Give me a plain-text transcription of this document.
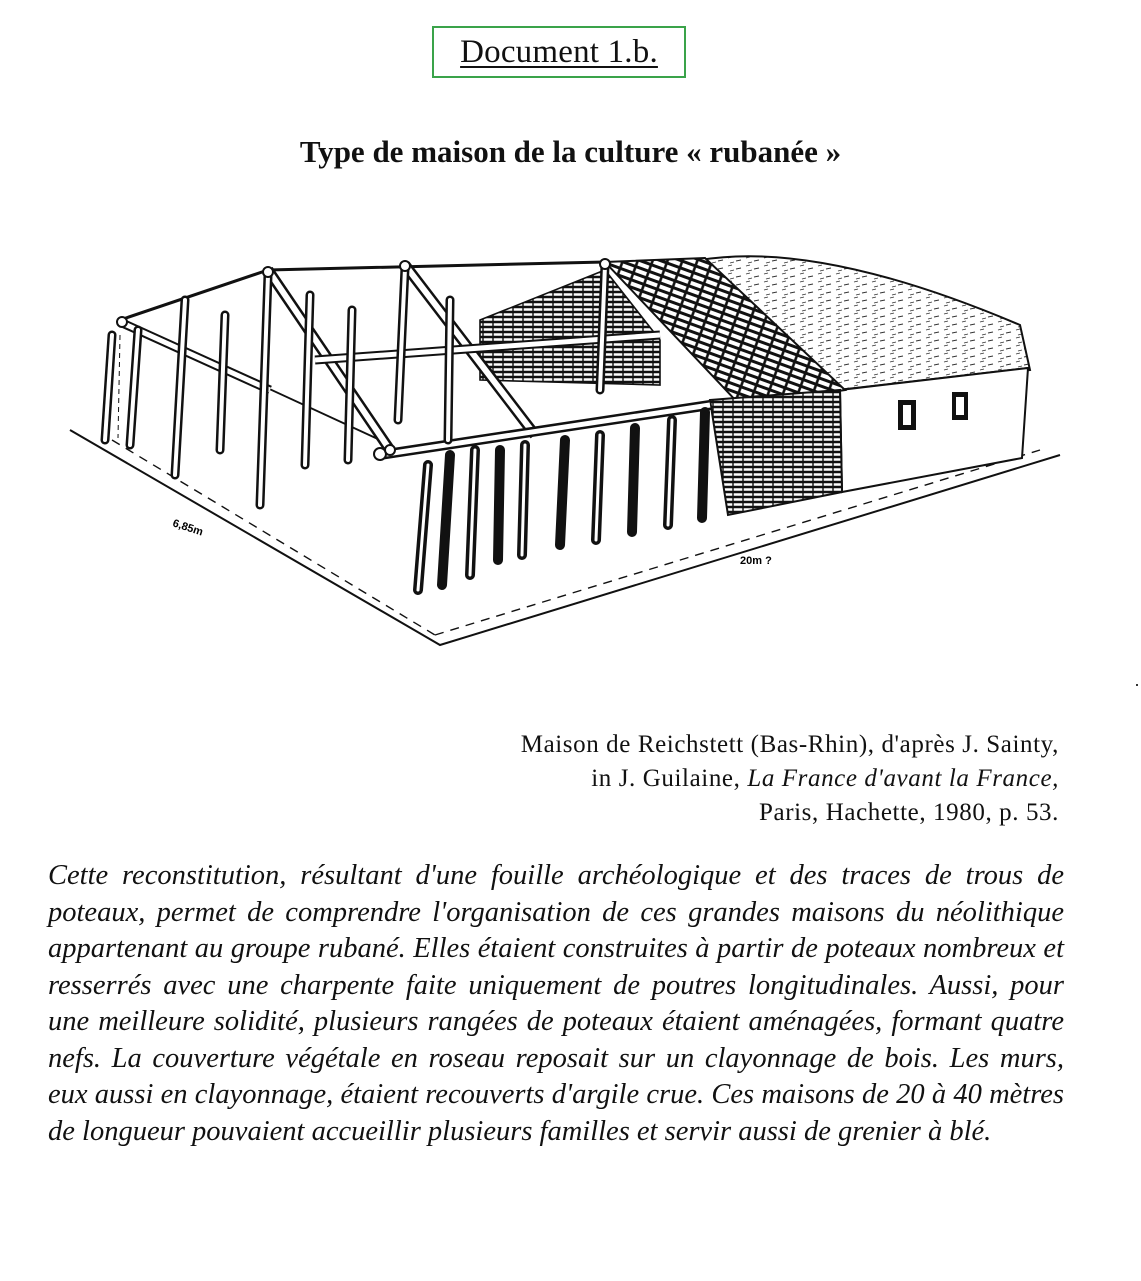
Document 1.b.
Type de maison de la culture « rubanée »
6,85m
20m ?
Maison de Reichstett (Bas-Rhin), d'après J. Sainty,
in J. Guilaine, La France d'avant la France,
Paris, Hachette, 1980, p. 53.

Cette reconstitution, résultant d'une fouille archéologique et des traces de trous de poteaux, permet de comprendre l'organisation de ces grandes maisons du néolithique appartenant au groupe rubané. Elles étaient construites à partir de poteaux nombreux et resserrés avec une charpente faite uniquement de poutres longitudinales. Aussi, pour une meilleure solidité, plusieurs rangées de poteaux étaient aménagées, formant quatre nefs. La couverture végétale en roseau reposait sur un clayonnage de bois. Les murs, eux aussi en clayonnage, étaient recouverts d'argile crue. Ces maisons de 20 à 40 mètres de longueur pouvaient accueillir plusieurs familles et servir aussi de grenier à blé.
